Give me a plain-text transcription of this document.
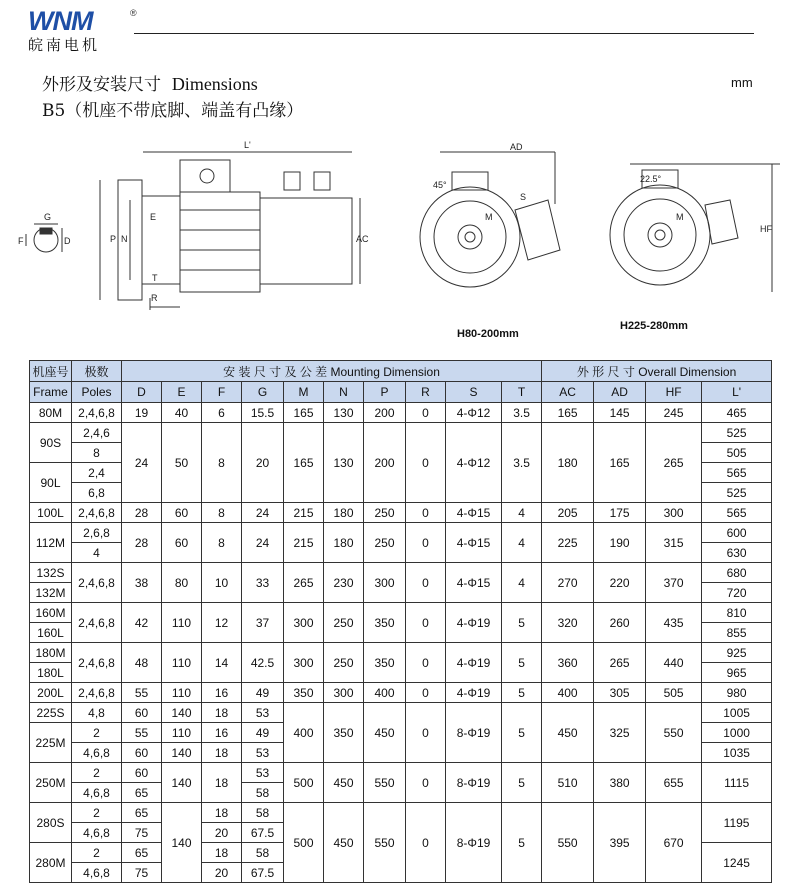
WNM	®
皖南电机
外形及安装尺寸 Dimensions
B5（机座不带底脚、端盖有凸缘）
mm
G
F	D
L'
E
N
P
T
R
AC
AD
45°
S
M
22.5°
HF
M
H80-200mm
H225-280mm
机座号	极数	安 装 尺 寸 及 公 差 Mounting Dimension										外 形 尺 寸 Overall Dimension			
Frame	Poles	D	E	F	G	M	N	P	R	S	T	AC	AD	HF	L'
80M	2,4,6,8	19	40	6	15.5	165	130	200	0	4-Φ12	3.5	165	145	245	465
90S	2,4,6	24	50	8	20	165	130	200	0	4-Φ12	3.5	180	165	265	525
	8														505
90L	2,4														565
	6,8														525
100L	2,4,6,8	28	60	8	24	215	180	250	0	4-Φ15	4	205	175	300	565
112M	2,6,8	28	60	8	24	215	180	250	0	4-Φ15	4	225	190	315	600
	4														630
132S	2,4,6,8	38	80	10	33	265	230	300	0	4-Φ15	4	270	220	370	680
132M															720
160M	2,4,6,8	42	110	12	37	300	250	350	0	4-Φ19	5	320	260	435	810
160L															855
180M	2,4,6,8	48	110	14	42.5	300	250	350	0	4-Φ19	5	360	265	440	925
180L															965
200L	2,4,6,8	55	110	16	49	350	300	400	0	4-Φ19	5	400	305	505	980
225S	4,8	60	140	18	53	400	350	450	0	8-Φ19	5	450	325	550	1005
225M	2	55	110	16	49										1000
	4,6,8	60	140	18	53										1035
250M	2	60	140	18	53	500	450	550	0	8-Φ19	5	510	380	655	1115
	4,6,8	65			58										
280S	2	65	140	18	58	500	450	550	0	8-Φ19	5	550	395	670	1195
	4,6,8	75		20	67.5										
280M	2	65		18	58										1245
	4,6,8	75		20	67.5										
